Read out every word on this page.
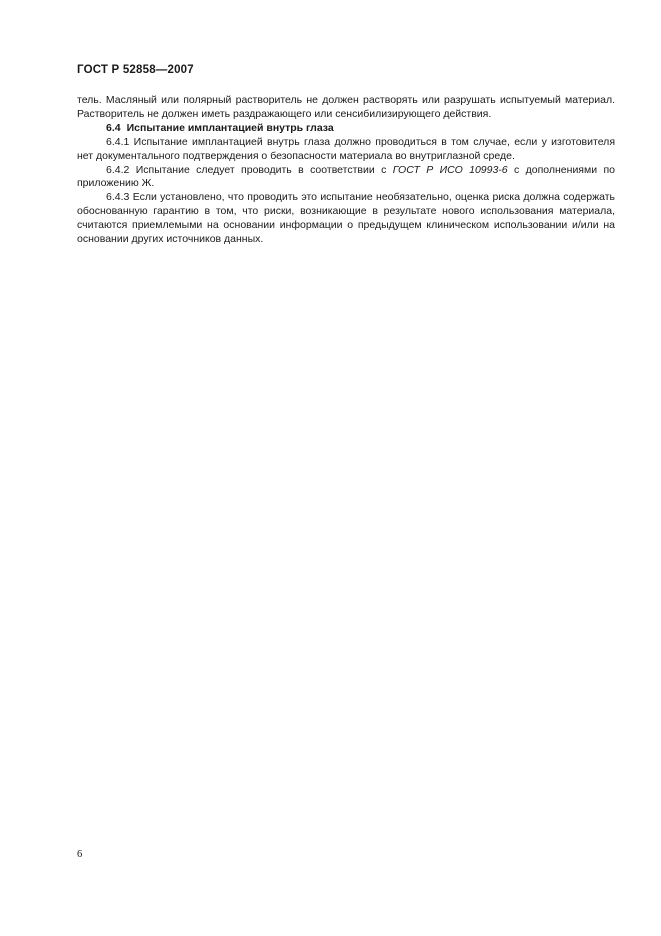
ГОСТ Р 52858—2007

тель. Масляный или полярный растворитель не должен растворять или разрушать испытуемый материал. Растворитель не должен иметь раздражающего или сенсибилизирующего действия.

6.4 Испытание имплантацией внутрь глаза

6.4.1 Испытание имплантацией внутрь глаза должно проводиться в том случае, если у изготовителя нет документального подтверждения о безопасности материала во внутриглазной среде.

6.4.2 Испытание следует проводить в соответствии с ГОСТ Р ИСО 10993-6 с дополнениями по приложению Ж.

6.4.3 Если установлено, что проводить это испытание необязательно, оценка риска должна содержать обоснованную гарантию в том, что риски, возникающие в результате нового использования материала, считаются приемлемыми на основании информации о предыдущем клиническом использовании и/или на основании других источников данных.

6
